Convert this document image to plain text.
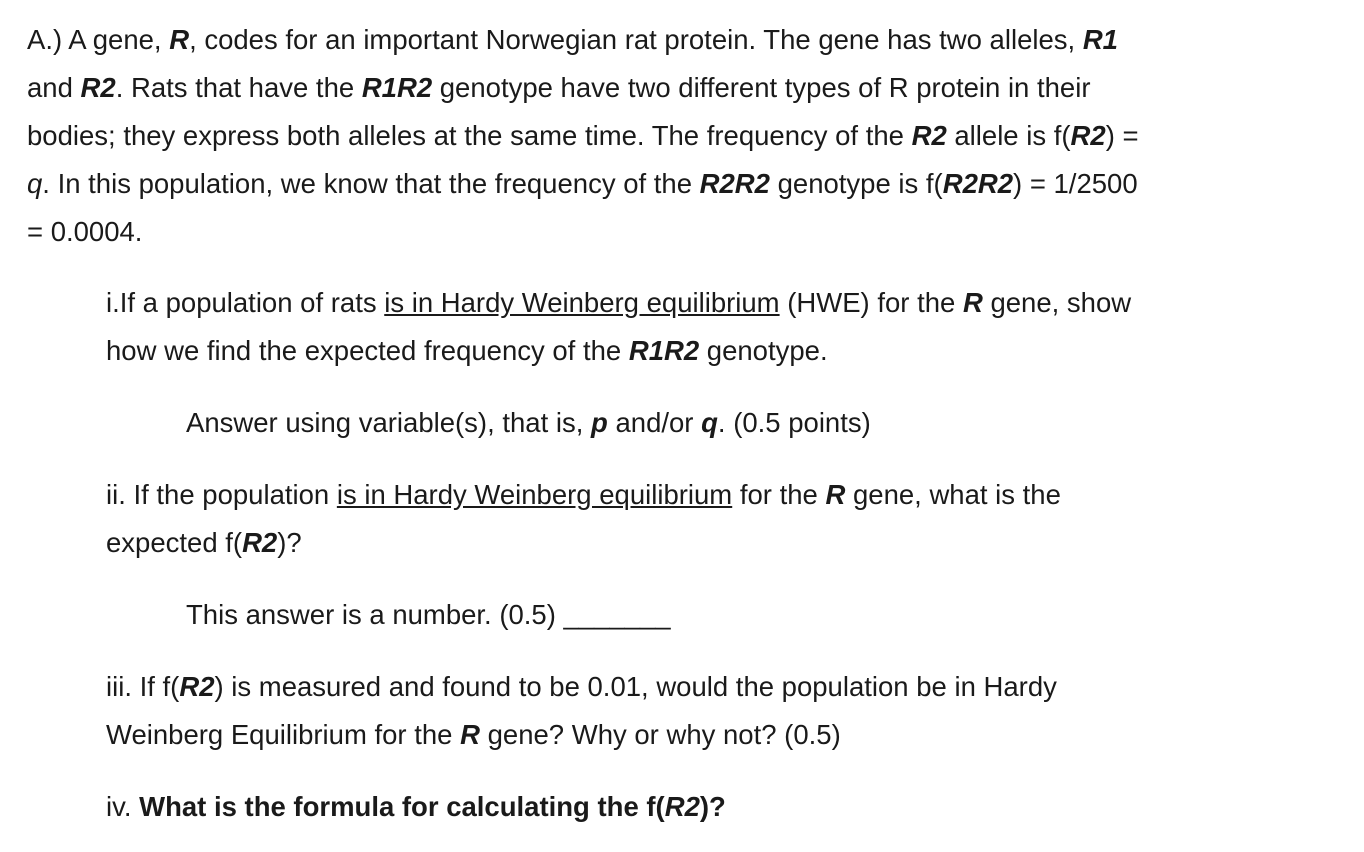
A.) A gene, R, codes for an important Norwegian rat protein. The gene has two alleles, R1
and R2. Rats that have the R1R2 genotype have two different types of R protein in their
bodies; they express both alleles at the same time. The frequency of the R2 allele is f(R2) =
q. In this population, we know that the frequency of the R2R2 genotype is f(R2R2) = 1/2500
= 0.0004.
i.If a population of rats is in Hardy Weinberg equilibrium (HWE) for the R gene, show
how we find the expected frequency of the R1R2 genotype.
Answer using variable(s), that is, p and/or q. (0.5 points)
ii. If the population is in Hardy Weinberg equilibrium for the R gene, what is the
expected f(R2)?
This answer is a number. (0.5) _______
iii. If f(R2) is measured and found to be 0.01, would the population be in Hardy
Weinberg Equilibrium for the R gene? Why or why not? (0.5)
iv. What is the formula for calculating the f(R2)?
